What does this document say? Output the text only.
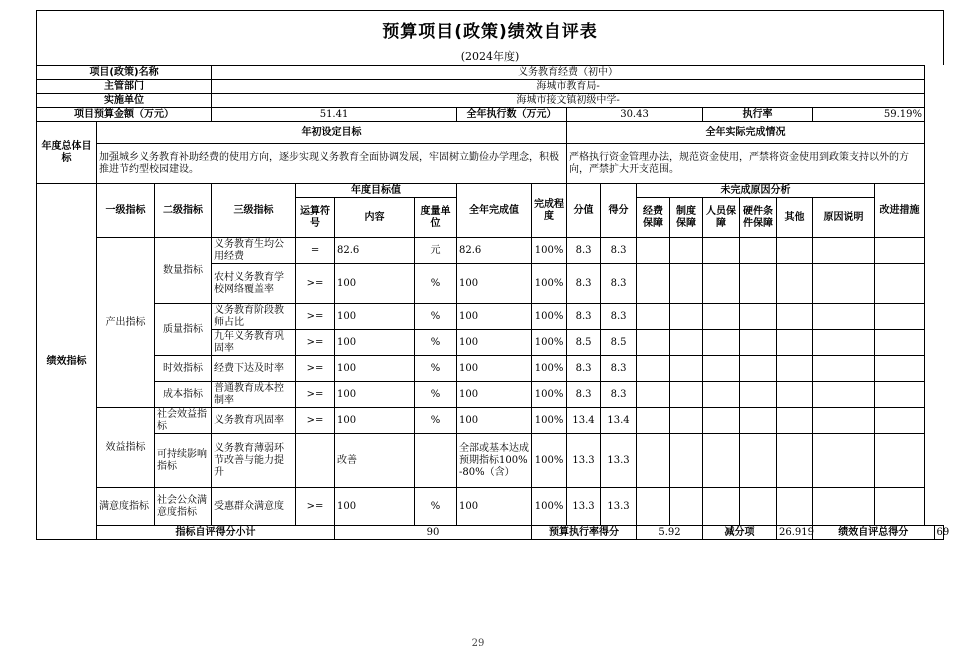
预算项目(政策)绩效自评表
(2024年度)
项目(政策)名称			义务教育经费（初中）															
主管部门			海城市教育局-															
实施单位			海城市接文镇初级中学-															
项目预算金额（万元）			51.41				全年执行数（万元）		30.43				执行率			59.19%		
年度总体目标	年初设定目标								全年实际完成情况									
	加强城乡义务教育补助经费的使用方向，逐步实现义务教育全面协调发展，牢固树立勤俭办学理念，积极推进节约型校园建设。								严格执行资金管理办法，规范资金使用，严禁将资金使用到政策支持以外的方向，严禁扩大开支范围。									
绩效指标	一级指标	二级指标	三级指标	年度目标值			全年完成值	完成程度	分值	得分	未完成原因分析						改进措施	
				运算符号	内容	度量单位					经费保障	制度保障	人员保障	硬件条件保障	其他	原因说明		
	产出指标	数量指标	义务教育生均公用经费	=	82.6	元	82.6	100%	8.3	8.3								

			农村义务教育学校网络覆盖率	>=	100	%	100	100%	8.3	8.3								

		质量指标	义务教育阶段教师占比	>=	100	%	100	100%	8.3	8.3								
			九年义务教育巩固率	>=	100	%	100	100%	8.5	8.5								
		时效指标	经费下达及时率	>=	100	%	100	100%	8.3	8.3								

		成本指标	普通教育成本控制率	>=	100	%	100	100%	8.3	8.3								

	效益指标	社会效益指标	义务教育巩固率	>=	100	%	100	100%	13.4	13.4								
		可持续影响指标	义务教育薄弱环节改善与能力提升		改善		全部或基本达成预期指标100%-80%（含）	100%	13.3	13.3								

	满意度指标	社会公众满意度指标	受惠群众满意度	>=	100	%	100	100%	13.3	13.3								
	指标自评得分小计				90			预算执行率得分			5.92		减分项		26.919	绩效自评总得分		69
29
